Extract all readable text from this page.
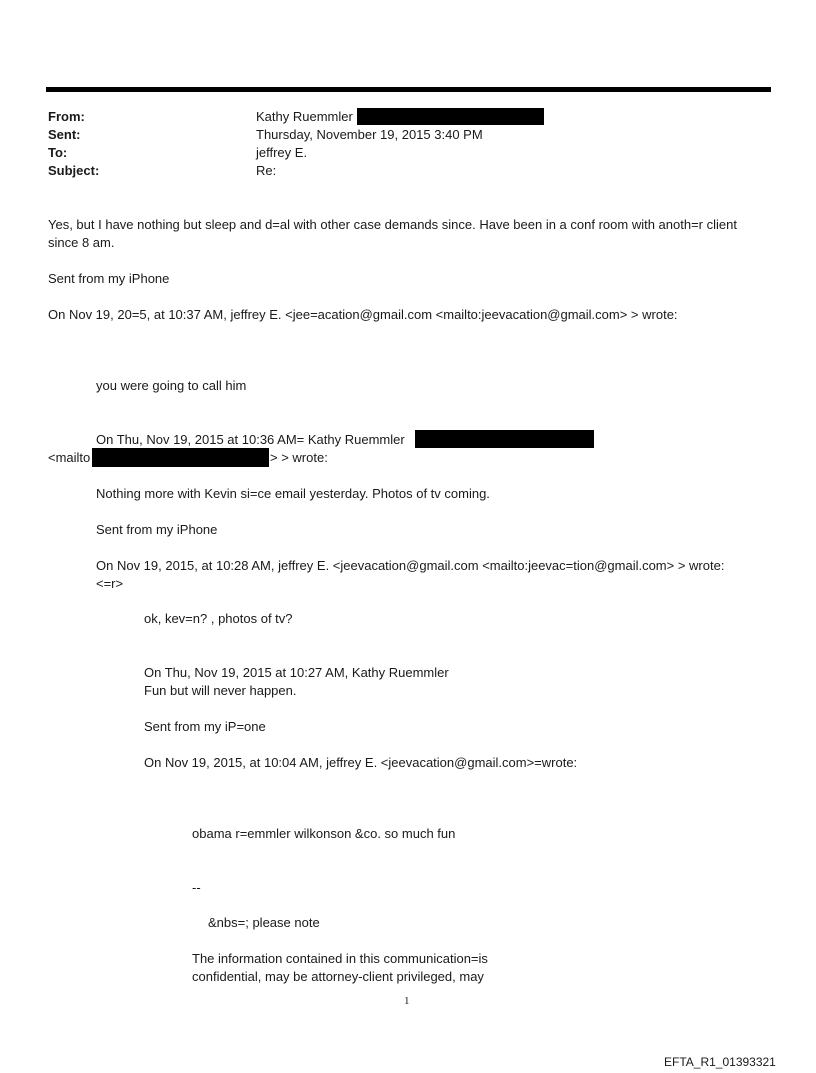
From:	Kathy Ruemmler
Sent:	Thursday, November 19, 2015 3:40 PM
To:	jeffrey E.
Subject:	Re:
Yes, but I have nothing but sleep and d=al with other case demands since. Have been in a conf room with anoth=r client
since 8 am.
Sent from my iPhone
On Nov 19, 20=5, at 10:37 AM, jeffrey E. <jee=acation@gmail.com <mailto:jeevacation@gmail.com> > wrote:
you were going to call him
On Thu, Nov 19, 2015 at 10:36 AM= Kathy Ruemmler
<mailto	> > wrote:
Nothing more with Kevin si=ce email yesterday. Photos of tv coming.
Sent from my iPhone
On Nov 19, 2015, at 10:28 AM, jeffrey E. <jeevacation@gmail.com <mailto:jeevac=tion@gmail.com> > wrote:
<=r>
ok, kev=n? , photos of tv?
On Thu, Nov 19, 2015 at 10:27 AM, Kathy Ruemmler
Fun but will never happen.
Sent from my iP=one
On Nov 19, 2015, at 10:04 AM, jeffrey E. <jeevacation@gmail.com>=wrote:
obama r=emmler wilkonson &co. so much fun
--
&nbs=; please note
The information contained in this communication=is
confidential, may be attorney-client privileged, may
1
EFTA_R1_01393321
